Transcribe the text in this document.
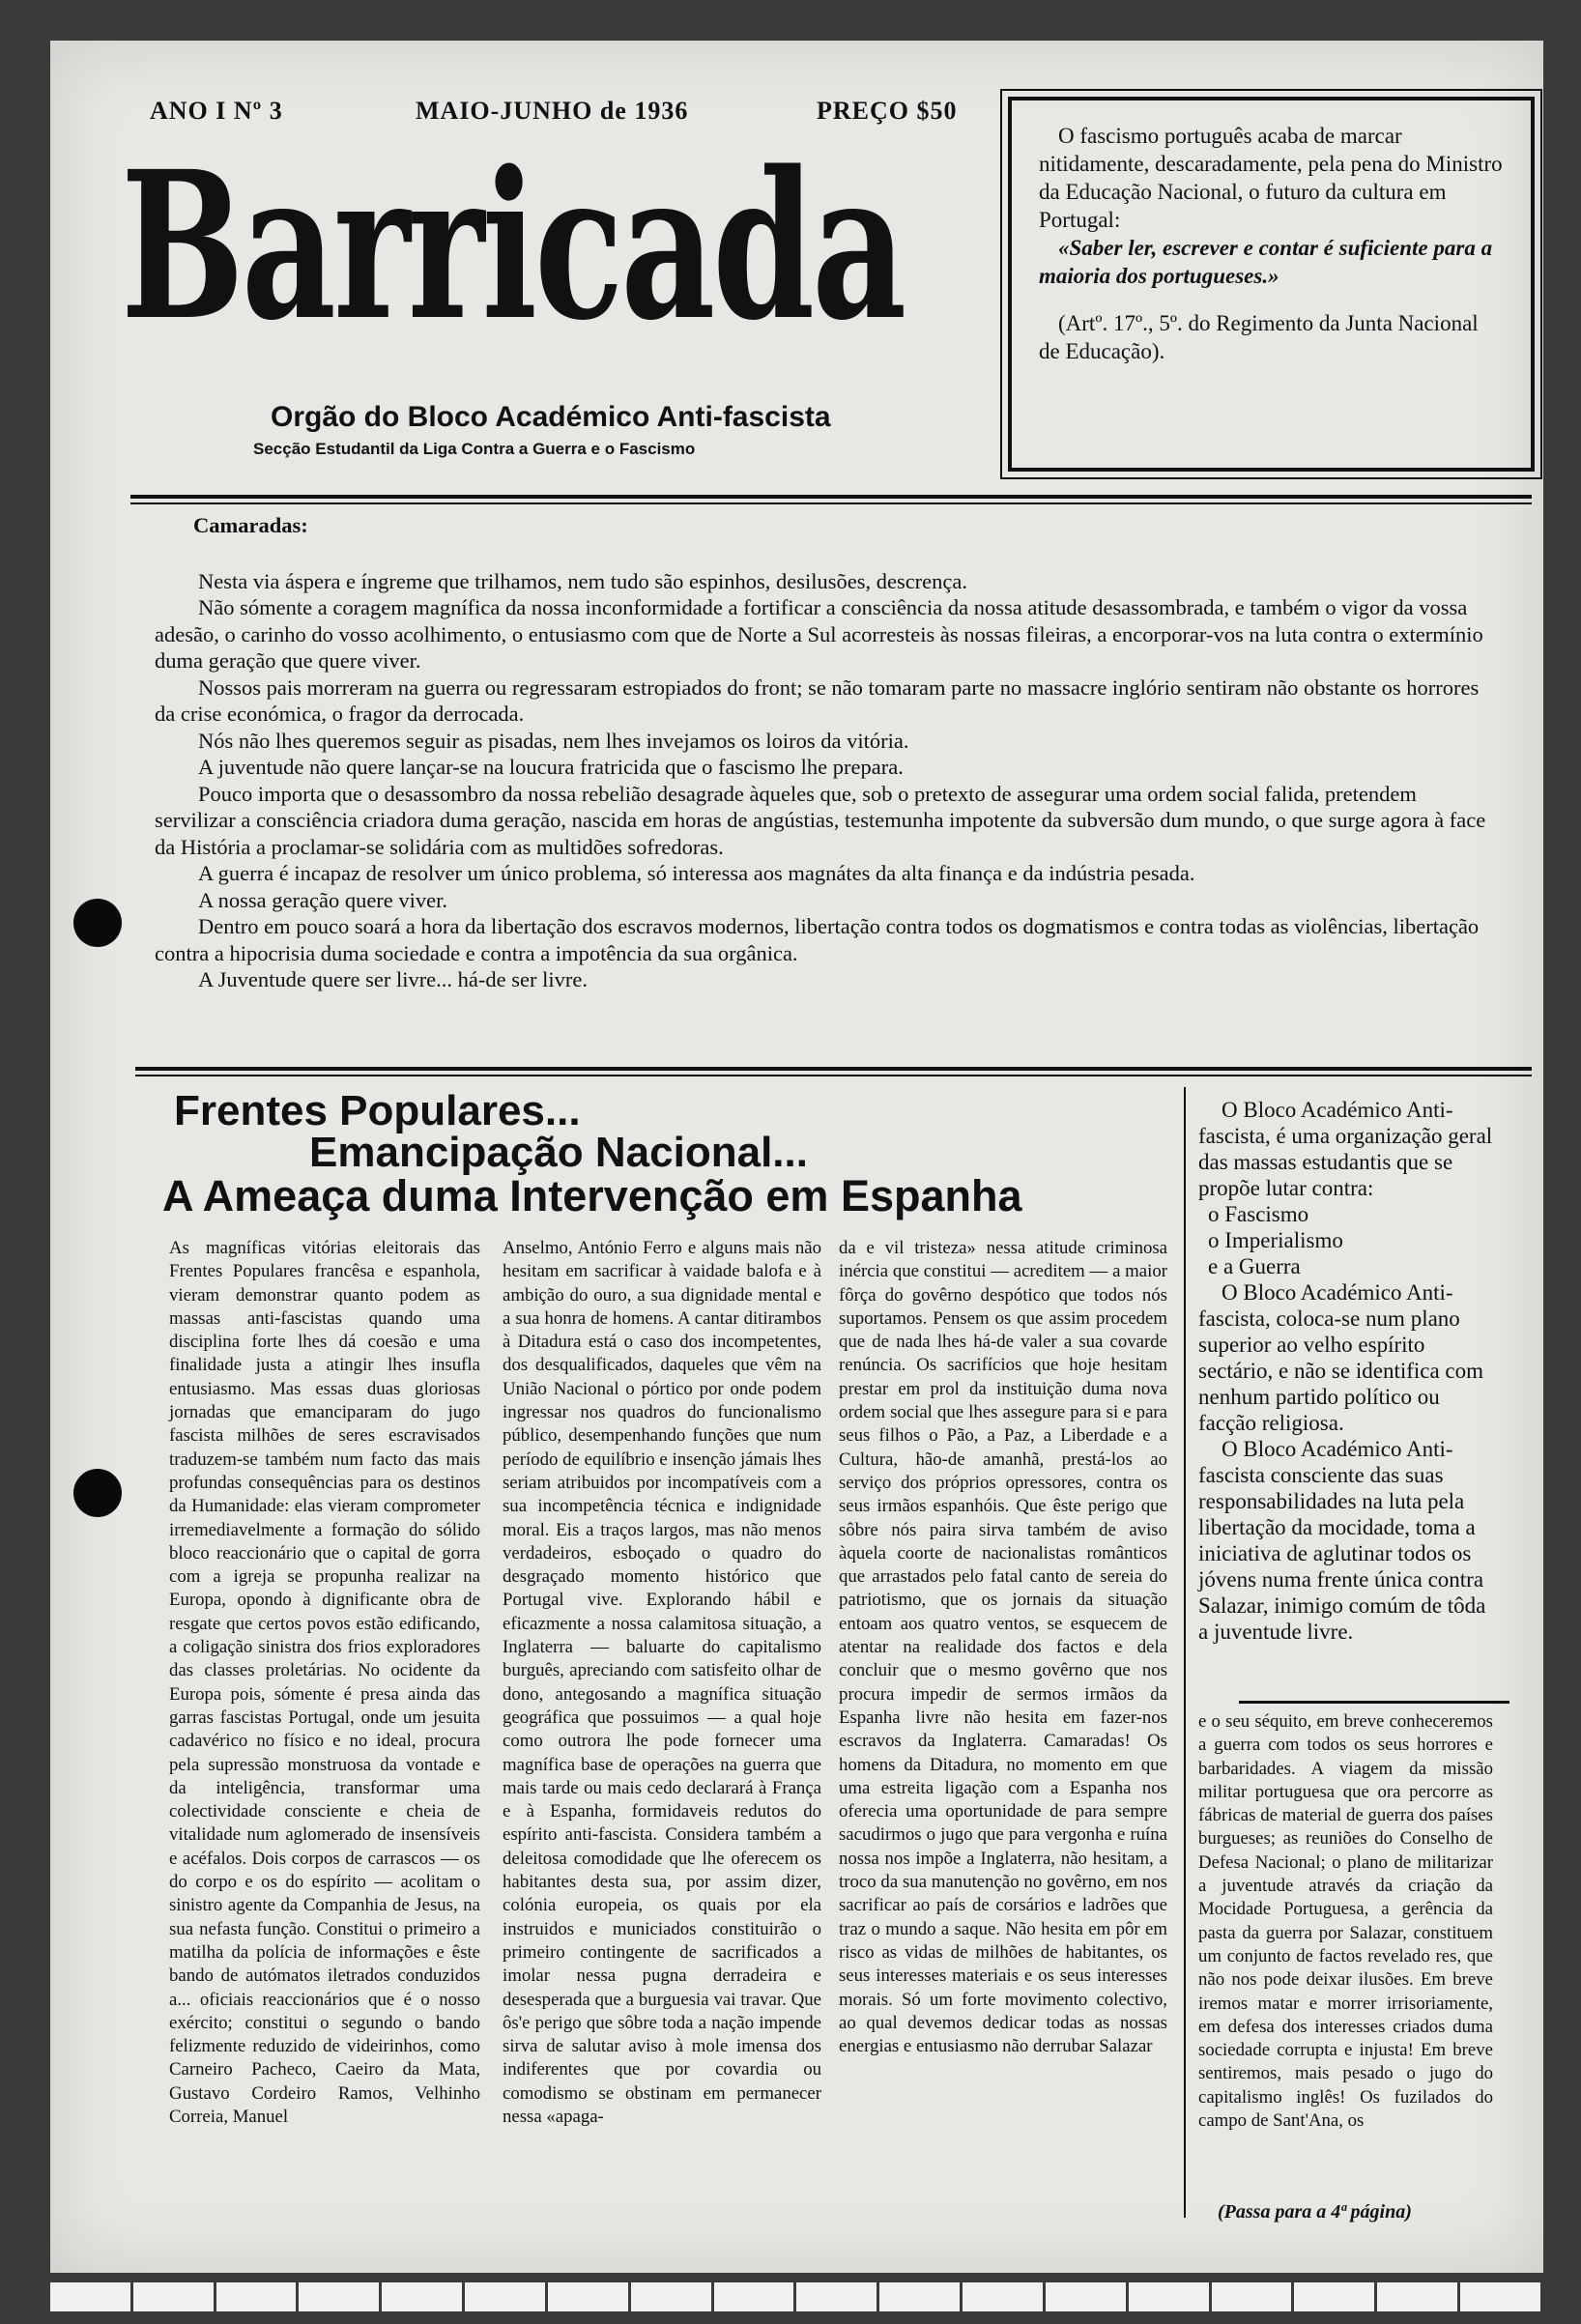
ANO I Nº 3	MAIO-JUNHO de 1936	PREÇO $50
Barricada
Orgão do Bloco Académico Anti-fascista
Secção Estudantil da Liga Contra a Guerra e o Fascismo

O fascismo português acaba de marcar nitidamente, descaradamente, pela pena do Ministro da Educação Nacional, o futuro da cultura em Portugal:

«Saber ler, escrever e contar é suficiente para a maioria dos portugueses.»

(Artº. 17º., 5º. do Regimento da Junta Nacional de Educação).

Camaradas:

Nesta via áspera e íngreme que trilhamos, nem tudo são espinhos, desilusões, descrença.

Não sómente a coragem magnífica da nossa inconformidade a fortificar a consciência da nossa atitude desassombrada, e também o vigor da vossa adesão, o carinho do vosso acolhimento, o entusiasmo com que de Norte a Sul acorresteis às nossas fileiras, a encorporar-vos na luta contra o extermínio duma geração que quere viver.

Nossos pais morreram na guerra ou regressaram estropiados do front; se não tomaram parte no massacre inglório sentiram não obstante os horrores da crise económica, o fragor da derrocada.

Nós não lhes queremos seguir as pisadas, nem lhes invejamos os loiros da vitória.

A juventude não quere lançar-se na loucura fratricida que o fascismo lhe prepara.

Pouco importa que o desassombro da nossa rebelião desagrade àqueles que, sob o pretexto de assegurar uma ordem social falida, pretendem servilizar a consciência criadora duma geração, nascida em horas de angústias, testemunha impotente da subversão dum mundo, o que surge agora à face da História a proclamar-se solidária com as multidões sofredoras.

A guerra é incapaz de resolver um único problema, só interessa aos magnátes da alta finança e da indústria pesada.

A nossa geração quere viver.

Dentro em pouco soará a hora da libertação dos escravos modernos, libertação contra todos os dogmatismos e contra todas as violências, libertação contra a hipocrisia duma sociedade e contra a impotência da sua orgânica.

A Juventude quere ser livre... há-de ser livre.

Frentes Populares...
Emancipação Nacional...
A Ameaça duma Intervenção em Espanha

As magníficas vitórias eleitorais das Frentes Populares francêsa e espanhola, vieram demonstrar quanto podem as massas anti-fascistas quando uma disciplina forte lhes dá coesão e uma finalidade justa a atingir lhes insufla entusiasmo. Mas essas duas gloriosas jornadas que emanciparam do jugo fascista milhões de seres escravisados traduzem-se também num facto das mais profundas consequências para os destinos da Humanidade: elas vieram comprometer irremediavelmente a formação do sólido bloco reaccionário que o capital de gorra com a igreja se propunha realizar na Europa, opondo à dignificante obra de resgate que certos povos estão edificando, a coligação sinistra dos frios exploradores das classes proletárias. No ocidente da Europa pois, sómente é presa ainda das garras fascistas Portugal, onde um jesuita cadavérico no físico e no ideal, procura pela supressão monstruosa da vontade e da inteligência, transformar uma colectividade consciente e cheia de vitalidade num aglomerado de insensíveis e acéfalos. Dois corpos de carrascos — os do corpo e os do espírito — acolitam o sinistro agente da Companhia de Jesus, na sua nefasta função. Constitui o primeiro a matilha da polícia de informações e êste bando de autómatos iletrados conduzidos a... oficiais reaccionários que é o nosso exército; constitui o segundo o bando felizmente reduzido de videirinhos, como Carneiro Pacheco, Caeiro da Mata, Gustavo Cordeiro Ramos, Velhinho Correia, Manuel

Anselmo, António Ferro e alguns mais não hesitam em sacrificar à vaidade balofa e à ambição do ouro, a sua dignidade mental e a sua honra de homens. A cantar ditirambos à Ditadura está o caso dos incompetentes, dos desqualificados, daqueles que vêm na União Nacional o pórtico por onde podem ingressar nos quadros do funcionalismo público, desempenhando funções que num período de equilíbrio e insenção jámais lhes seriam atribuidos por incompatíveis com a sua incompetência técnica e indignidade moral. Eis a traços largos, mas não menos verdadeiros, esboçado o quadro do desgraçado momento histórico que Portugal vive. Explorando hábil e eficazmente a nossa calamitosa situação, a Inglaterra — baluarte do capitalismo burguês, apreciando com satisfeito olhar de dono, antegosando a magnífica situação geográfica que possuimos — a qual hoje como outrora lhe pode fornecer uma magnífica base de operações na guerra que mais tarde ou mais cedo declarará à França e à Espanha, formidaveis redutos do espírito anti-fascista. Considera também a deleitosa comodidade que lhe oferecem os habitantes desta sua, por assim dizer, colónia europeia, os quais por ela instruidos e municiados constituirão o primeiro contingente de sacrificados a imolar nessa pugna derradeira e desesperada que a burguesia vai travar. Que ôs'e perigo que sôbre toda a nação impende sirva de salutar aviso à mole imensa dos indiferentes que por covardia ou comodismo se obstinam em permanecer nessa «apaga-

da e vil tristeza» nessa atitude criminosa inércia que constitui — acreditem — a maior fôrça do govêrno despótico que todos nós suportamos. Pensem os que assim procedem que de nada lhes há-de valer a sua covarde renúncia. Os sacrifícios que hoje hesitam prestar em prol da instituição duma nova ordem social que lhes assegure para si e para seus filhos o Pão, a Paz, a Liberdade e a Cultura, hão-de amanhã, prestá-los ao serviço dos próprios opressores, contra os seus irmãos espanhóis. Que êste perigo que sôbre nós paira sirva também de aviso àquela coorte de nacionalistas românticos que arrastados pelo fatal canto de sereia do patriotismo, que os jornais da situação entoam aos quatro ventos, se esquecem de atentar na realidade dos factos e dela concluir que o mesmo govêrno que nos procura impedir de sermos irmãos da Espanha livre não hesita em fazer-nos escravos da Inglaterra. Camaradas! Os homens da Ditadura, no momento em que uma estreita ligação com a Espanha nos oferecia uma oportunidade de para sempre sacudirmos o jugo que para vergonha e ruína nossa nos impõe a Inglaterra, não hesitam, a troco da sua manutenção no govêrno, em nos sacrificar ao país de corsários e ladrões que traz o mundo a saque. Não hesita em pôr em risco as vidas de milhões de habitantes, os seus interesses materiais e os seus interesses morais. Só um forte movimento colectivo, ao qual devemos dedicar todas as nossas energias e entusiasmo não derrubar Salazar

O Bloco Académico Anti-fascista, é uma organização geral das massas estudantis que se propõe lutar contra:

o Fascismo
o Imperialismo
e a Guerra

O Bloco Académico Anti-fascista, coloca-se num plano superior ao velho espírito sectário, e não se identifica com nenhum partido político ou facção religiosa.

O Bloco Académico Anti-fascista consciente das suas responsabilidades na luta pela libertação da mocidade, toma a iniciativa de aglutinar todos os jóvens numa frente única contra Salazar, inimigo comúm de tôda a juventude livre.

e o seu séquito, em breve conheceremos a guerra com todos os seus horrores e barbaridades. A viagem da missão militar portuguesa que ora percorre as fábricas de material de guerra dos países burgueses; as reuniões do Conselho de Defesa Nacional; o plano de militarizar a juventude através da criação da Mocidade Portuguesa, a gerência da pasta da guerra por Salazar, constituem um conjunto de factos revelado res, que não nos pode deixar ilusões. Em breve iremos matar e morrer irrisoriamente, em defesa dos interesses criados duma sociedade corrupta e injusta! Em breve sentiremos, mais pesado o jugo do capitalismo inglês! Os fuzilados do campo de Sant'Ana, os

(Passa para a 4ª página)
